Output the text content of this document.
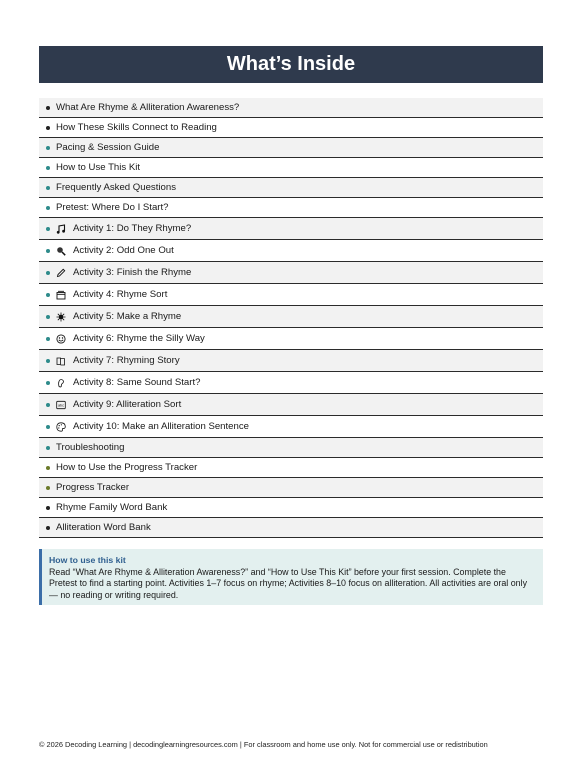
What’s Inside
What Are Rhyme & Alliteration Awareness?
How These Skills Connect to Reading
Pacing & Session Guide
How to Use This Kit
Frequently Asked Questions
Pretest: Where Do I Start?
Activity 1: Do They Rhyme?
Activity 2: Odd One Out
Activity 3: Finish the Rhyme
Activity 4: Rhyme Sort
Activity 5: Make a Rhyme
Activity 6: Rhyme the Silly Way
Activity 7: Rhyming Story
Activity 8: Same Sound Start?
abc Activity 9: Alliteration Sort
Activity 10: Make an Alliteration Sentence
Troubleshooting
How to Use the Progress Tracker
Progress Tracker
Rhyme Family Word Bank
Alliteration Word Bank
How to use this kit
Read “What Are Rhyme & Alliteration Awareness?” and “How to Use This Kit” before your first session. Complete the Pretest to find a starting point. Activities 1–7 focus on rhyme; Activities 8–10 focus on alliteration. All activities are oral only — no reading or writing required.
© 2026 Decoding Learning | decodinglearningresources.com | For classroom and home use only. Not for commercial use or redistribution
